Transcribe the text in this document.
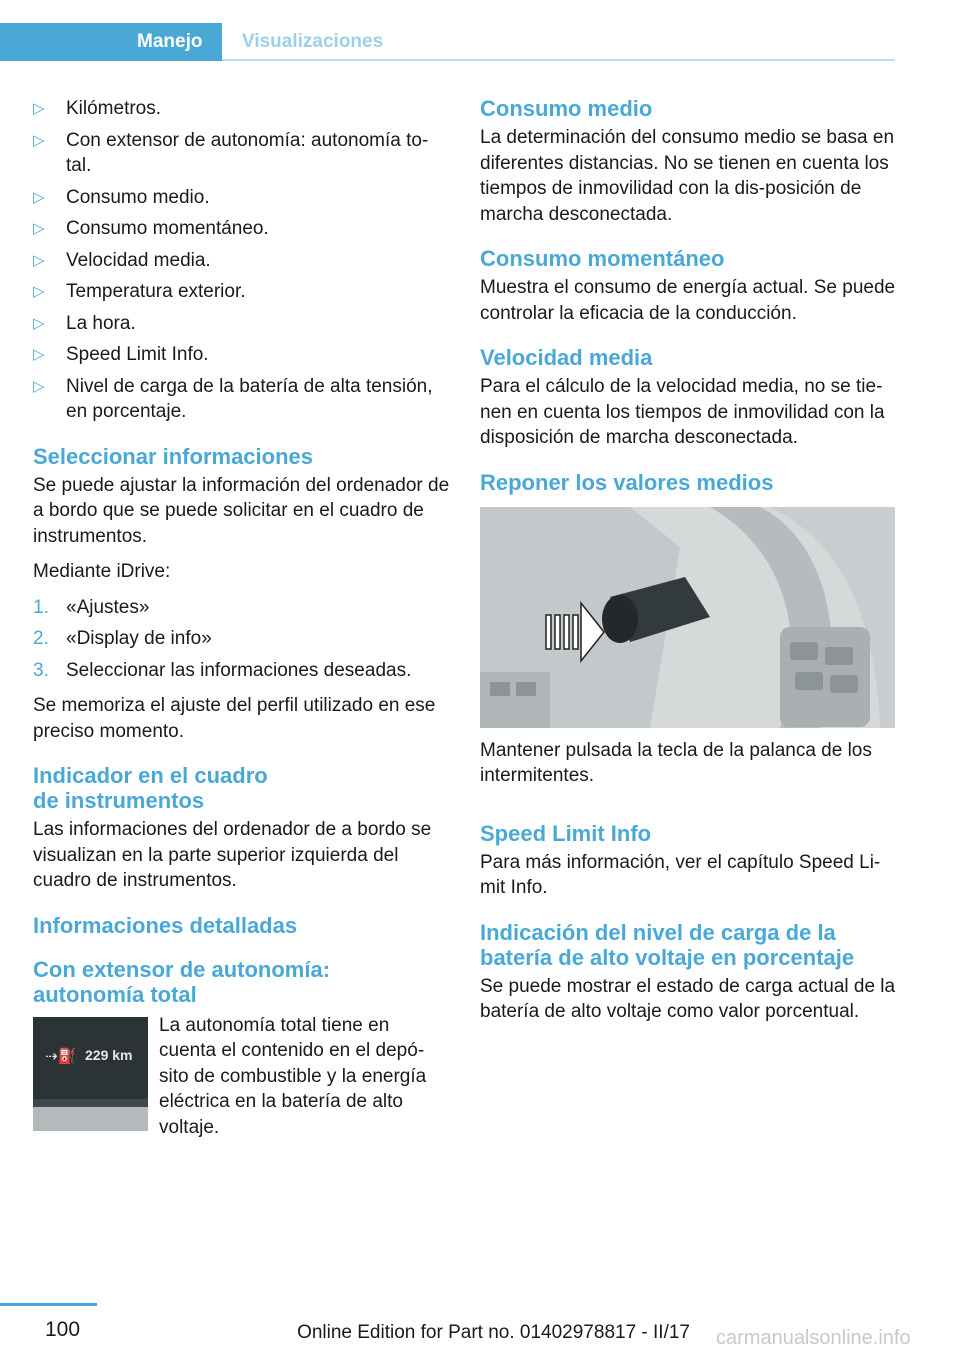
Manejo Visualizaciones
▷ Kilómetros.
▷ Con extensor de autonomía: autonomía to‐tal.
▷ Consumo medio.
▷ Consumo momentáneo.
▷ Velocidad media.
▷ Temperatura exterior.
▷ La hora.
▷ Speed Limit Info.
▷ Nivel de carga de la batería de alta tensión, en porcentaje.
Seleccionar informaciones

Se puede ajustar la información del ordenador de a bordo que se puede solicitar en el cuadro de instrumentos.

Mediante iDrive:

1. «Ajustes»
2. «Display de info»
3. Seleccionar las informaciones deseadas.

Se memoriza el ajuste del perfil utilizado en ese preciso momento.

Indicador en el cuadro de instrumentos

Las informaciones del ordenador de a bordo se visualizan en la parte superior izquierda del cuadro de instrumentos.

Informaciones detalladas
Con extensor de autonomía: autonomía total
⇢⛽ 229 km

La autonomía total tiene en cuenta el contenido en el depó‐sito de combustible y la energía eléctrica en la batería de alto voltaje.

Consumo medio

La determinación del consumo medio se basa en diferentes distancias. No se tienen en cuenta los tiempos de inmovilidad con la dis‐posición de marcha desconectada.

Consumo momentáneo

Muestra el consumo de energía actual. Se puede controlar la eficacia de la conducción.

Velocidad media

Para el cálculo de la velocidad media, no se tie‐nen en cuenta los tiempos de inmovilidad con la disposición de marcha desconectada.

Reponer los valores medios

Mantener pulsada la tecla de la palanca de los intermitentes.

Speed Limit Info

Para más información, ver el capítulo Speed Li‐mit Info.

Indicación del nivel de carga de la batería de alto voltaje en porcentaje

Se puede mostrar el estado de carga actual de la batería de alto voltaje como valor porcentual.

100	Online Edition for Part no. 01402978817 - II/17 carmanualsonline.info
